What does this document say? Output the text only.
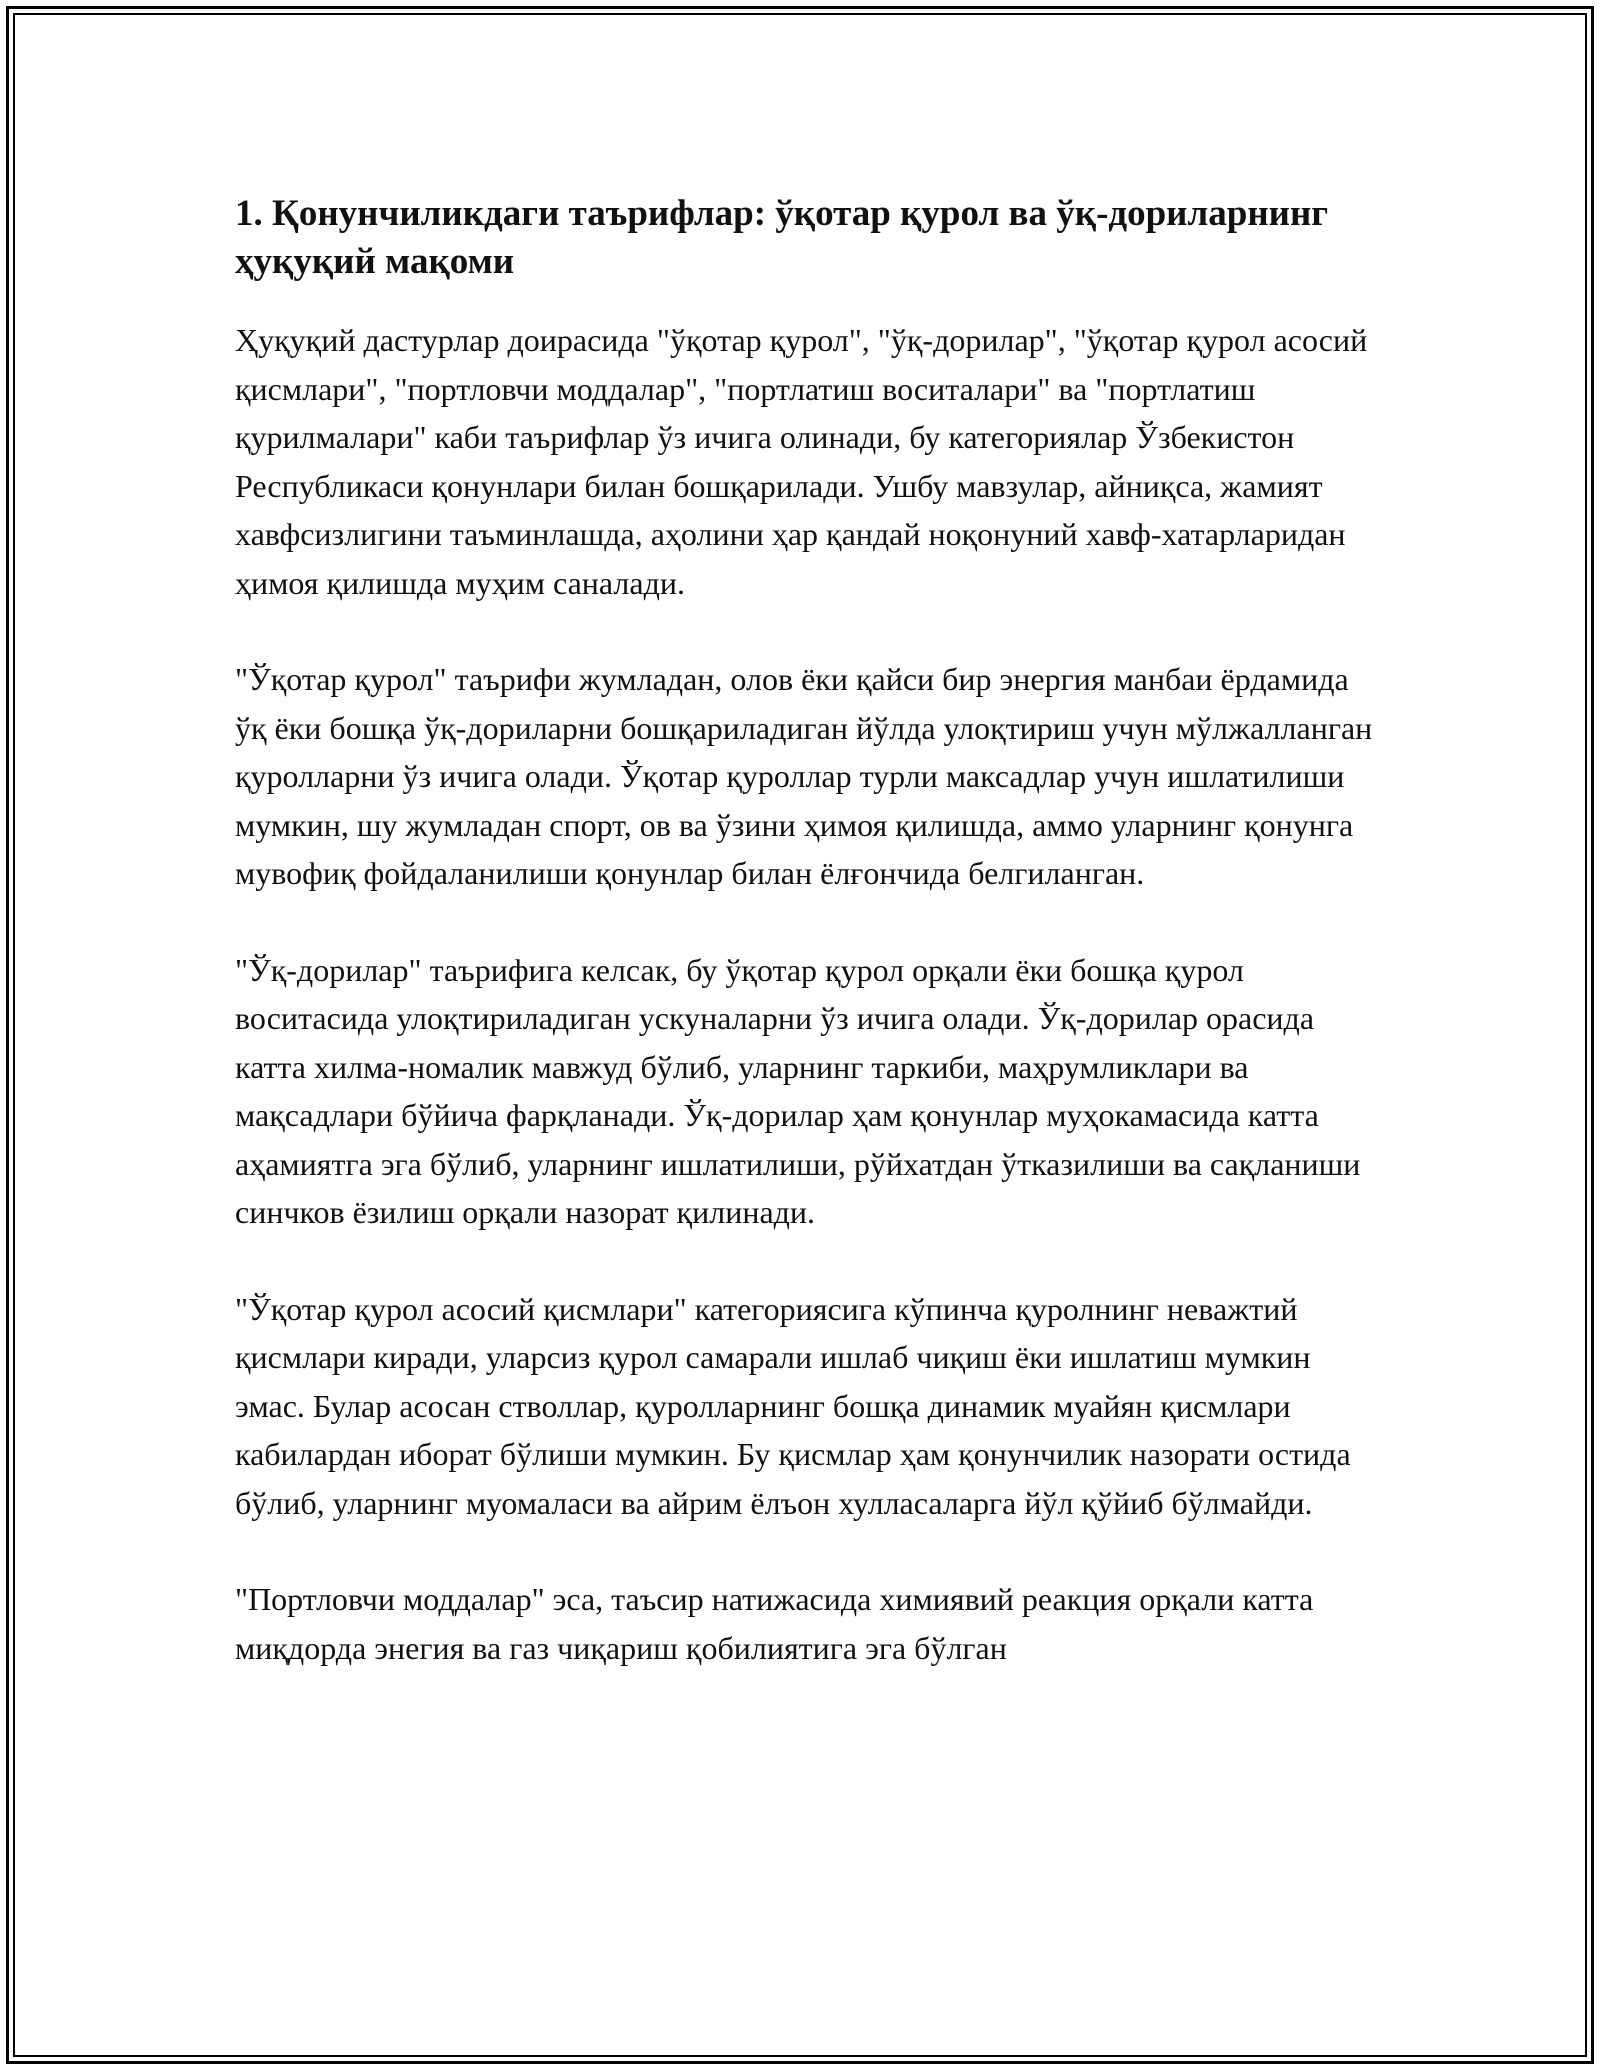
1. Қонунчиликдаги таърифлар: ўқотар қурол ва ўқ-дориларнинг ҳуқуқий мақоми

Ҳуқуқий дастурлар доирасида "ўқотар қурол", "ўқ-дорилар", "ўқотар қурол асосий қисмлари", "портловчи моддалар", "портлатиш воситалари" ва "портлатиш қурилмалари" каби таърифлар ўз ичига олинади, бу категориялар Ўзбекистон Республикаси қонунлари билан бошқарилади. Ушбу мавзулар, айниқса, жамият хавфсизлигини таъминлашда, аҳолини ҳар қандай ноқонуний хавф-хатарларидан ҳимоя қилишда муҳим саналади.

"Ўқотар қурол" таърифи жумладан, олов ёки қайси бир энергия манбаи ёрдамида ўқ ёки бошқа ўқ-дориларни бошқариладиган йўлда улоқтириш учун мўлжалланган қуролларни ўз ичига олади. Ўқотар қуроллар турли максадлар учун ишлатилиши мумкин, шу жумладан спорт, ов ва ўзини ҳимоя қилишда, аммо уларнинг қонунга мувофиқ фойдаланилиши қонунлар билан ёлғончида белгиланган.

"Ўқ-дорилар" таърифига келсак, бу ўқотар қурол орқали ёки бошқа қурол воситасида улоқтириладиган ускуналарни ўз ичига олади. Ўқ-дорилар орасида катта хилма-номалик мавжуд бўлиб, уларнинг таркиби, маҳрумликлари ва мақсадлари бўйича фарқланади. Ўқ-дорилар ҳам қонунлар муҳокамасида катта аҳамиятга эга бўлиб, уларнинг ишлатилиши, рўйхатдан ўтказилиши ва сақланиши синчков ёзилиш орқали назорат қилинади.

"Ўқотар қурол асосий қисмлари" категориясига кўпинча қуролнинг неважтий қисмлари киради, уларсиз қурол самарали ишлаб чиқиш ёки ишлатиш мумкин эмас. Булар асосан стволлар, қуролларнинг бошқа динамик муайян қисмлари кабилардан иборат бўлиши мумкин. Бу қисмлар ҳам қонунчилик назорати остида бўлиб, уларнинг муомаласи ва айрим ёлъон хулласаларга йўл қўйиб бўлмайди.

"Портловчи моддалар" эса, таъсир натижасида химиявий реакция орқали катта миқдорда энегия ва газ чиқариш қобилиятига эга бўлган
